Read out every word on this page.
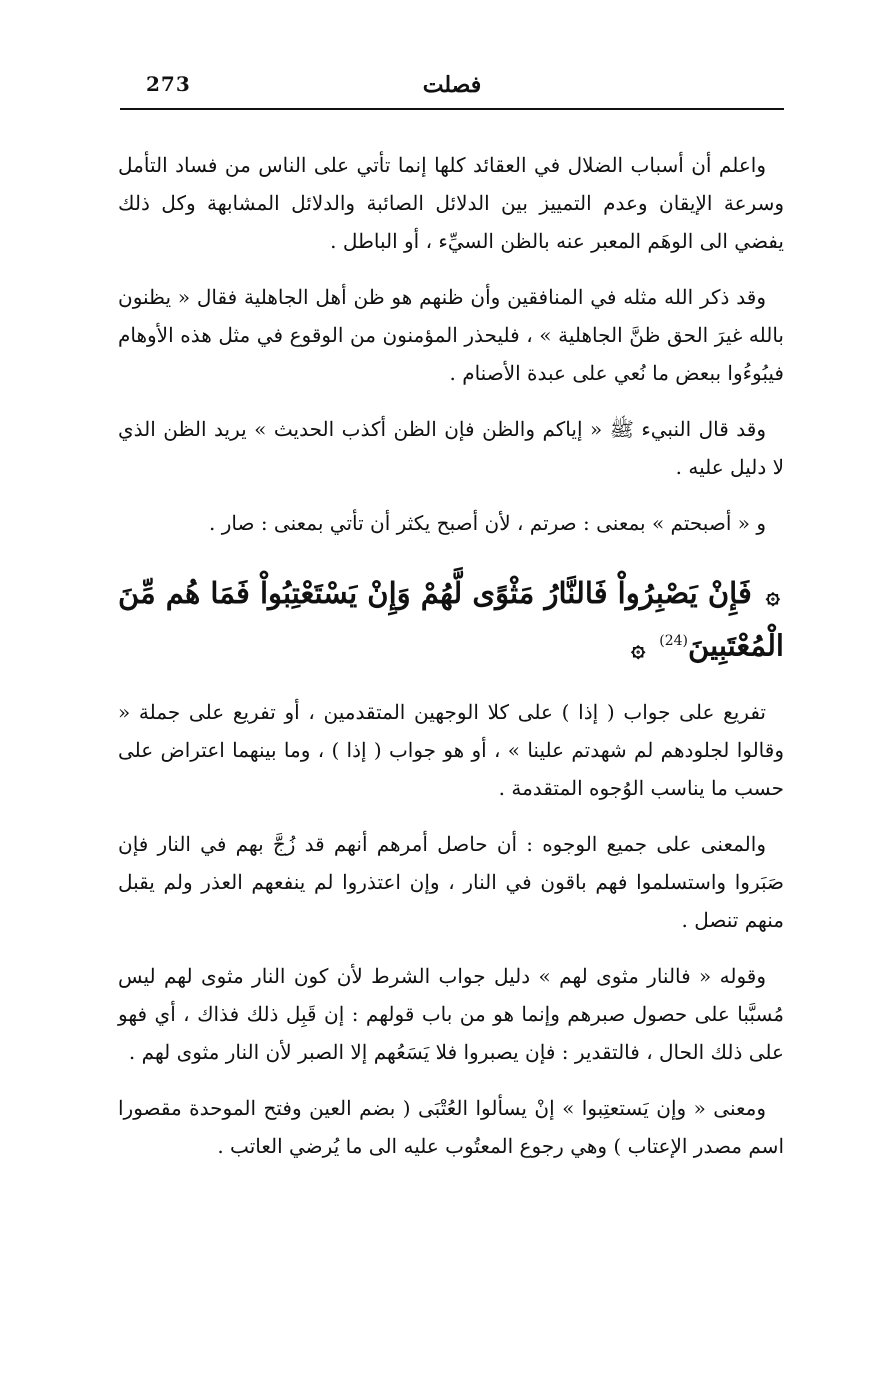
273	فصلت

واعلم أن أسباب الضلال في العقائد كلها إنما تأتي على الناس من فساد التأمل وسرعة الإيقان وعدم التمييز بين الدلائل الصائبة والدلائل المشابهة وكل ذلك يفضي الى الوهَم المعبر عنه بالظن السيِّء ، أو الباطل .

وقد ذكر الله مثله في المنافقين وأن ظنهم هو ظن أهل الجاهلية فقال « يظنون بالله غيرَ الحق ظنَّ الجاهلية » ، فليحذر المؤمنون من الوقوع في مثل هذه الأوهام فيبُوءُوا ببعض ما نُعي على عبدة الأصنام .

وقد قال النبيء ﷺ « إياكم والظن فإن الظن أكذب الحديث » يريد الظن الذي لا دليل عليه .

و « أصبحتم » بمعنى : صرتم ، لأن أصبح يكثر أن تأتي بمعنى : صار .

۞ فَإِنْ يَصْبِرُواْ فَالنَّارُ مَثْوًى لَّهُمْ وَإِنْ يَسْتَعْتِبُواْ فَمَا هُم مِّنَ الْمُعْتَبِينَ$^{(24)}$ ۞

تفريع على جواب ( إذا ) على كلا الوجهين المتقدمين ، أو تفريع على جملة « وقالوا لجلودهم لم شهدتم علينا » ، أو هو جواب ( إذا ) ، وما بينهما اعتراض على حسب ما يناسب الوُجوه المتقدمة .

والمعنى على جميع الوجوه : أن حاصل أمرهم أنهم قد زُجَّ بهم في النار فإن صَبَروا واستسلموا فهم باقون في النار ، وإن اعتذروا لم ينفعهم العذر ولم يقبل منهم تنصل .

وقوله « فالنار مثوى لهم » دليل جواب الشرط لأن كون النار مثوى لهم ليس مُسبَّبا على حصول صبرهم وإنما هو من باب قولهم : إن قَبِل ذلك فذاك ، أي فهو على ذلك الحال ، فالتقدير : فإن يصبروا فلا يَسَعُهم إلا الصبر لأن النار مثوى لهم .

ومعنى « وإن يَستعتِبوا » إنْ يسألوا العُتْبَى ( بضم العين وفتح الموحدة مقصورا اسم مصدر الإعتاب ) وهي رجوع المعتُوب عليه الى ما يُرضي العاتب .
